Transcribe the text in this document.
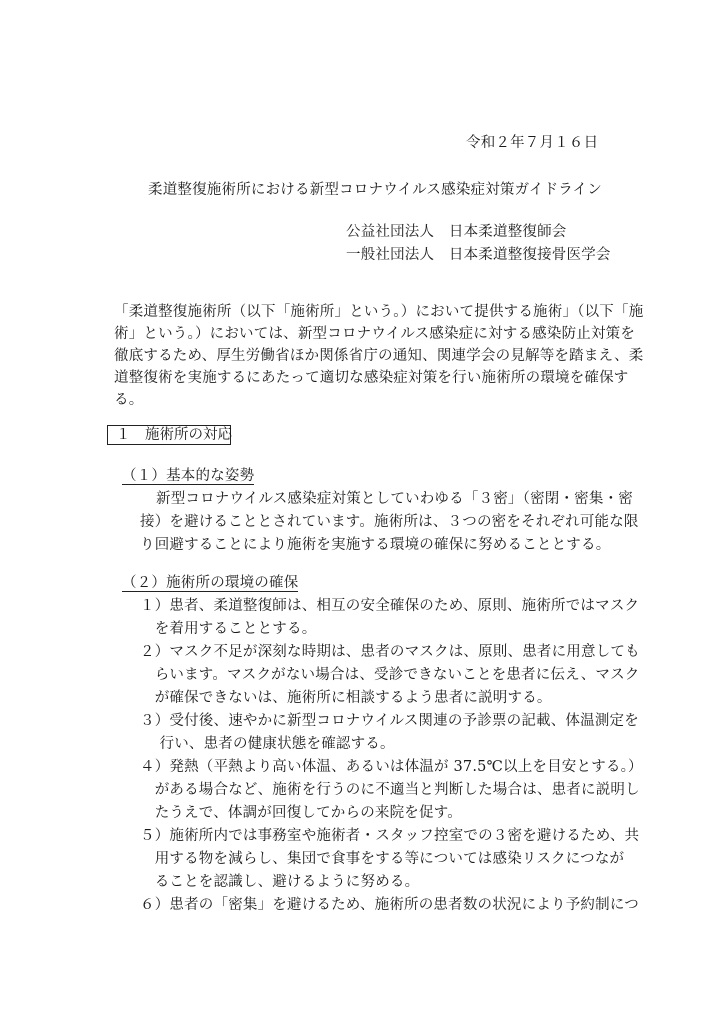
令和２年７月１６日
柔道整復施術所における新型コロナウイルス感染症対策ガイドライン
公益社団法人　日本柔道整復師会
一般社団法人　日本柔道整復接骨医学会
「柔道整復施術所（以下「施術所」という。）において提供する施術」（以下「施
術」という。）においては、新型コロナウイルス感染症に対する感染防止対策を
徹底するため、厚生労働省ほか関係省庁の通知、関連学会の見解等を踏まえ、柔
道整復術を実施するにあたって適切な感染症対策を行い施術所の環境を確保す
る。
１　施術所の対応
（１）基本的な姿勢
新型コロナウイルス感染症対策としていわゆる「３密」（密閉・密集・密
接）を避けることとされています。施術所は、３つの密をそれぞれ可能な限
り回避することにより施術を実施する環境の確保に努めることとする。
（２）施術所の環境の確保
１）患者、柔道整復師は、相互の安全確保のため、原則、施術所ではマスク
　を着用することとする。
２）マスク不足が深刻な時期は、患者のマスクは、原則、患者に用意しても
　らいます。マスクがない場合は、受診できないことを患者に伝え、マスク
　が確保できないは、施術所に相談するよう患者に説明する。
３）受付後、速やかに新型コロナウイルス関連の予診票の記載、体温測定を
　 行い、患者の健康状態を確認する。
４）発熱（平熱より高い体温、あるいは体温が 37.5℃以上を目安とする。）
　がある場合など、施術を行うのに不適当と判断した場合は、患者に説明し
　たうえで、体調が回復してからの来院を促す。
５）施術所内では事務室や施術者・スタッフ控室での３密を避けるため、共
　用する物を減らし、集団で食事をする等については感染リスクにつなが
　ることを認識し、避けるように努める。
６）患者の「密集」を避けるため、施術所の患者数の状況により予約制につ
